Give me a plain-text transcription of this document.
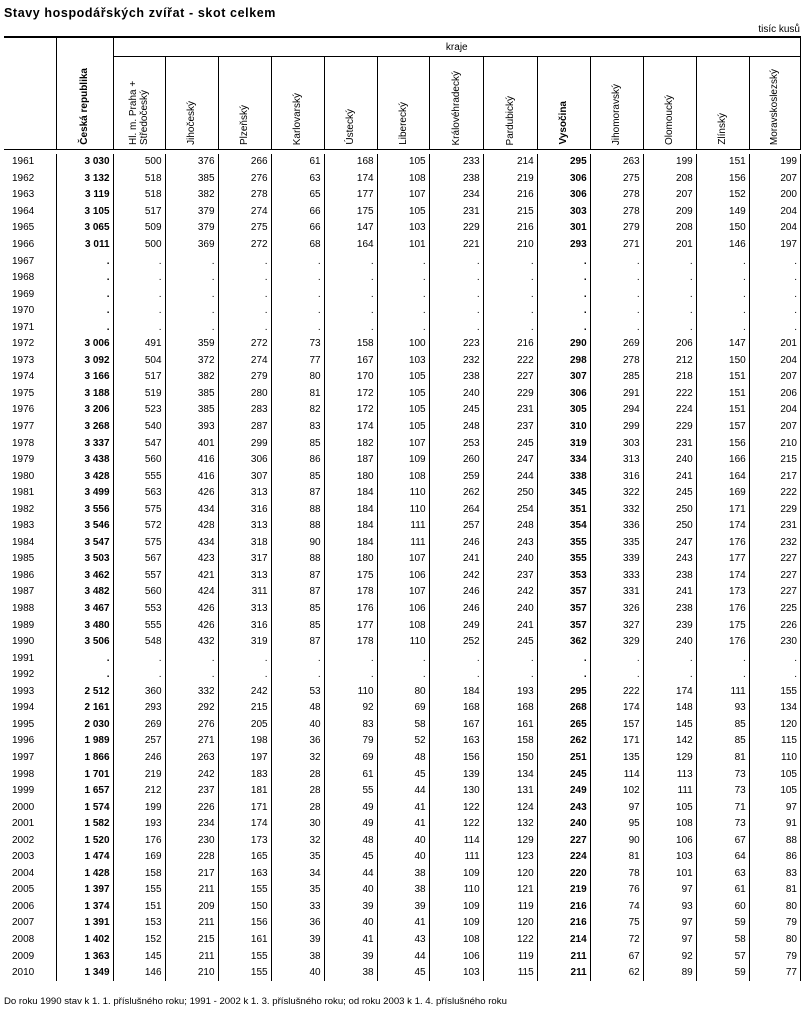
Stavy hospodářských zvířat - skot celkem
tisíc kusů

	Česká republika	kraje												

		Hl. m. Praha + Středočeský	Jihočeský	Plzeňský	Karlovarský	Ústecký	Liberecký	Královéhradecký	Pardubický	Vysočina	Jihomoravský	Olomoucký	Zlínský	Moravskoslezský

1961	3 030	500	376	266	61	168	105	233	214	295	263	199	151	199
1962	3 132	518	385	276	63	174	108	238	219	306	275	208	156	207
1963	3 119	518	382	278	65	177	107	234	216	306	278	207	152	200
1964	3 105	517	379	274	66	175	105	231	215	303	278	209	149	204
1965	3 065	509	379	275	66	147	103	229	216	301	279	208	150	204
1966	3 011	500	369	272	68	164	101	221	210	293	271	201	146	197
1967	.	.	.	.	.	.	.	.	.	.	.	.	.	.
1968	.	.	.	.	.	.	.	.	.	.	.	.	.	.
1969	.	.	.	.	.	.	.	.	.	.	.	.	.	.
1970	.	.	.	.	.	.	.	.	.	.	.	.	.	.
1971	.	.	.	.	.	.	.	.	.	.	.	.	.	.
1972	3 006	491	359	272	73	158	100	223	216	290	269	206	147	201
1973	3 092	504	372	274	77	167	103	232	222	298	278	212	150	204
1974	3 166	517	382	279	80	170	105	238	227	307	285	218	151	207
1975	3 188	519	385	280	81	172	105	240	229	306	291	222	151	206
1976	3 206	523	385	283	82	172	105	245	231	305	294	224	151	204
1977	3 268	540	393	287	83	174	105	248	237	310	299	229	157	207
1978	3 337	547	401	299	85	182	107	253	245	319	303	231	156	210
1979	3 438	560	416	306	86	187	109	260	247	334	313	240	166	215
1980	3 428	555	416	307	85	180	108	259	244	338	316	241	164	217
1981	3 499	563	426	313	87	184	110	262	250	345	322	245	169	222
1982	3 556	575	434	316	88	184	110	264	254	351	332	250	171	229
1983	3 546	572	428	313	88	184	111	257	248	354	336	250	174	231
1984	3 547	575	434	318	90	184	111	246	243	355	335	247	176	232
1985	3 503	567	423	317	88	180	107	241	240	355	339	243	177	227
1986	3 462	557	421	313	87	175	106	242	237	353	333	238	174	227
1987	3 482	560	424	311	87	178	107	246	242	357	331	241	173	227
1988	3 467	553	426	313	85	176	106	246	240	357	326	238	176	225
1989	3 480	555	426	316	85	177	108	249	241	357	327	239	175	226
1990	3 506	548	432	319	87	178	110	252	245	362	329	240	176	230
1991	.	.	.	.	.	.	.	.	.	.	.	.	.	.
1992	.	.	.	.	.	.	.	.	.	.	.	.	.	.
1993	2 512	360	332	242	53	110	80	184	193	295	222	174	111	155
1994	2 161	293	292	215	48	92	69	168	168	268	174	148	93	134
1995	2 030	269	276	205	40	83	58	167	161	265	157	145	85	120
1996	1 989	257	271	198	36	79	52	163	158	262	171	142	85	115
1997	1 866	246	263	197	32	69	48	156	150	251	135	129	81	110
1998	1 701	219	242	183	28	61	45	139	134	245	114	113	73	105
1999	1 657	212	237	181	28	55	44	130	131	249	102	111	73	105
2000	1 574	199	226	171	28	49	41	122	124	243	97	105	71	97
2001	1 582	193	234	174	30	49	41	122	132	240	95	108	73	91
2002	1 520	176	230	173	32	48	40	114	129	227	90	106	67	88
2003	1 474	169	228	165	35	45	40	111	123	224	81	103	64	86
2004	1 428	158	217	163	34	44	38	109	120	220	78	101	63	83
2005	1 397	155	211	155	35	40	38	110	121	219	76	97	61	81
2006	1 374	151	209	150	33	39	39	109	119	216	74	93	60	80
2007	1 391	153	211	156	36	40	41	109	120	216	75	97	59	79
2008	1 402	152	215	161	39	41	43	108	122	214	72	97	58	80
2009	1 363	145	211	155	38	39	44	106	119	211	67	92	57	79
2010	1 349	146	210	155	40	38	45	103	115	211	62	89	59	77
Do roku 1990 stav k 1. 1. příslušného roku; 1991 - 2002 k 1. 3. příslušného roku; od roku 2003 k 1. 4. příslušného roku
